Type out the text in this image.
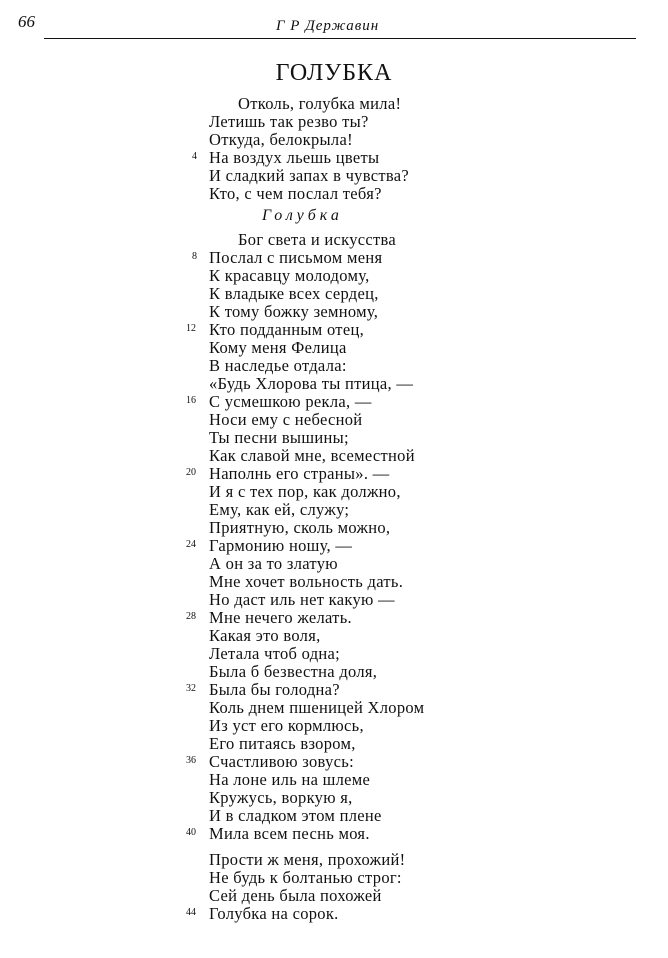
66	Г Р Державин
ГОЛУБКА
Голубка
Отколь, голубка мила!
Летишь так резво ты?
Откуда, белокрыла!
На воздух льешь цветы
И сладкий запах в чувства?
Кто, с чем послал тебя?
Бог света и искусства
Послал с письмом меня
К красавцу молодому,
К владыке всех сердец,
К тому божку земному,
Кто подданным отец,
Кому меня Фелица
В наследье отдала:
«Будь Хлорова ты птица, —
С усмешкою рекла, —
Носи ему с небесной
Ты песни вышины;
Как славой мне, всеместной
Наполнь его страны». —
И я с тех пор, как должно,
Ему, как ей, служу;
Приятную, сколь можно,
Гармонию ношу, —
А он за то златую
Мне хочет вольность дать.
Но даст иль нет какую —
Мне нечего желать.
Какая это воля,
Летала чтоб одна;
Была б безвестна доля,
Была бы голодна?
Коль днем пшеницей Хлором
Из уст его кормлюсь,
Его питаясь взором,
Счастливою зовусь:
На лоне иль на шлеме
Кружусь, воркую я,
И в сладком этом плене
Мила всем песнь моя.
Прости ж меня, прохожий!
Не будь к болтанью строг:
Сей день была похожей
Голубка на сорок.
4
8
12
16
20
24
28
32
36
40
44
